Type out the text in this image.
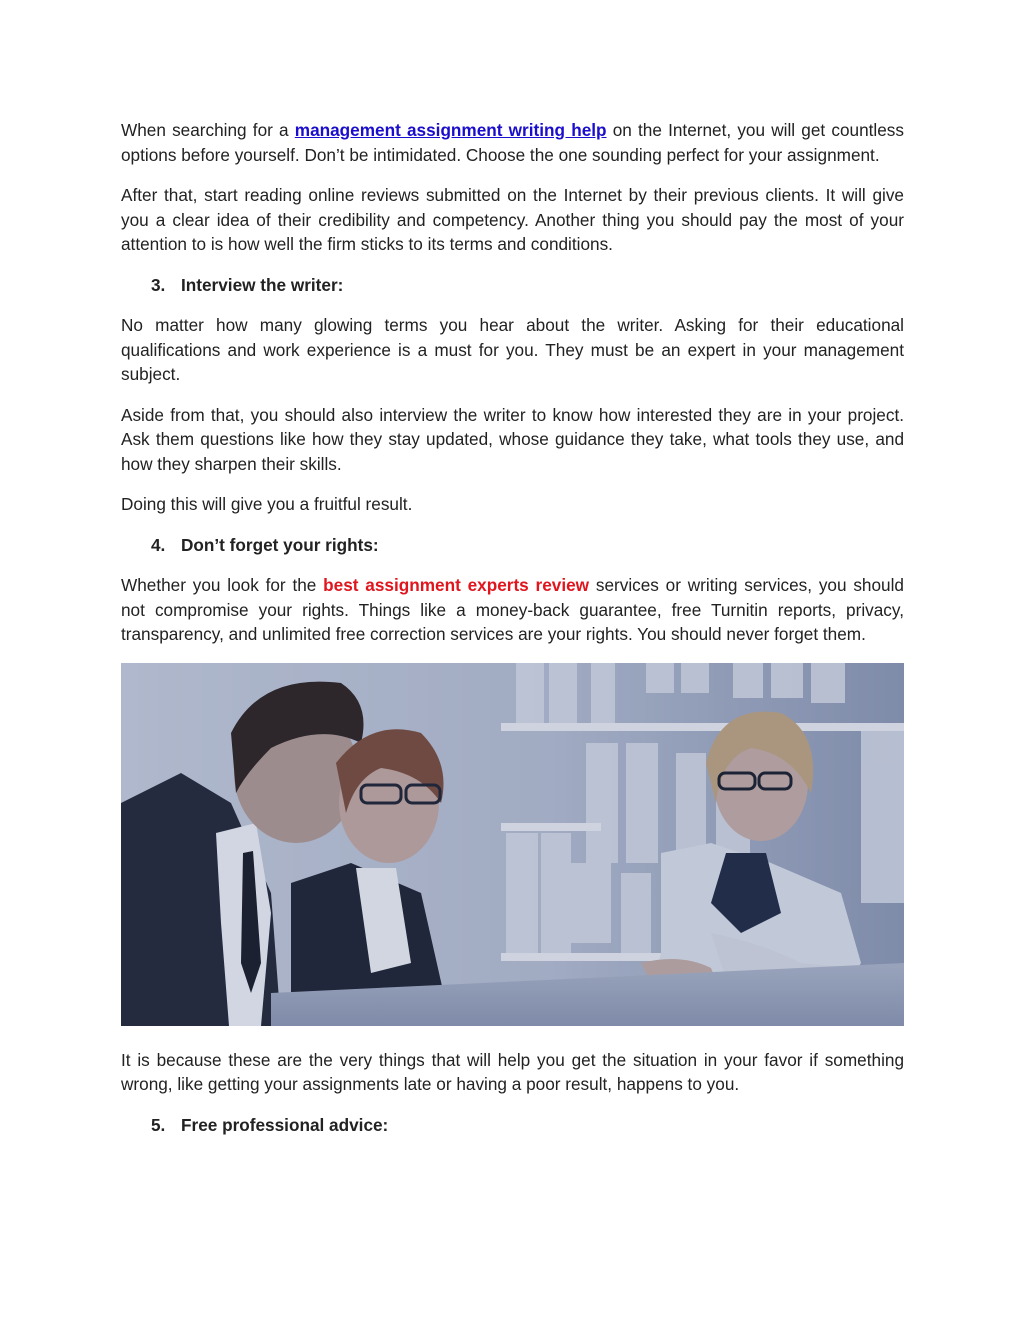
When searching for a management assignment writing help on the Internet, you will get countless options before yourself. Don’t be intimidated. Choose the one sounding perfect for your assignment.

After that, start reading online reviews submitted on the Internet by their previous clients. It will give you a clear idea of their credibility and competency. Another thing you should pay the most of your attention to is how well the firm sticks to its terms and conditions.

3. Interview the writer:

No matter how many glowing terms you hear about the writer. Asking for their educational qualifications and work experience is a must for you. They must be an expert in your management subject.

Aside from that, you should also interview the writer to know how interested they are in your project. Ask them questions like how they stay updated, whose guidance they take, what tools they use, and how they sharpen their skills.

Doing this will give you a fruitful result.

4. Don’t forget your rights:

Whether you look for the best assignment experts review services or writing services, you should not compromise your rights. Things like a money-back guarantee, free Turnitin reports, privacy, transparency, and unlimited free correction services are your rights. You should never forget them.

It is because these are the very things that will help you get the situation in your favor if something wrong, like getting your assignments late or having a poor result, happens to you.

5. Free professional advice:
